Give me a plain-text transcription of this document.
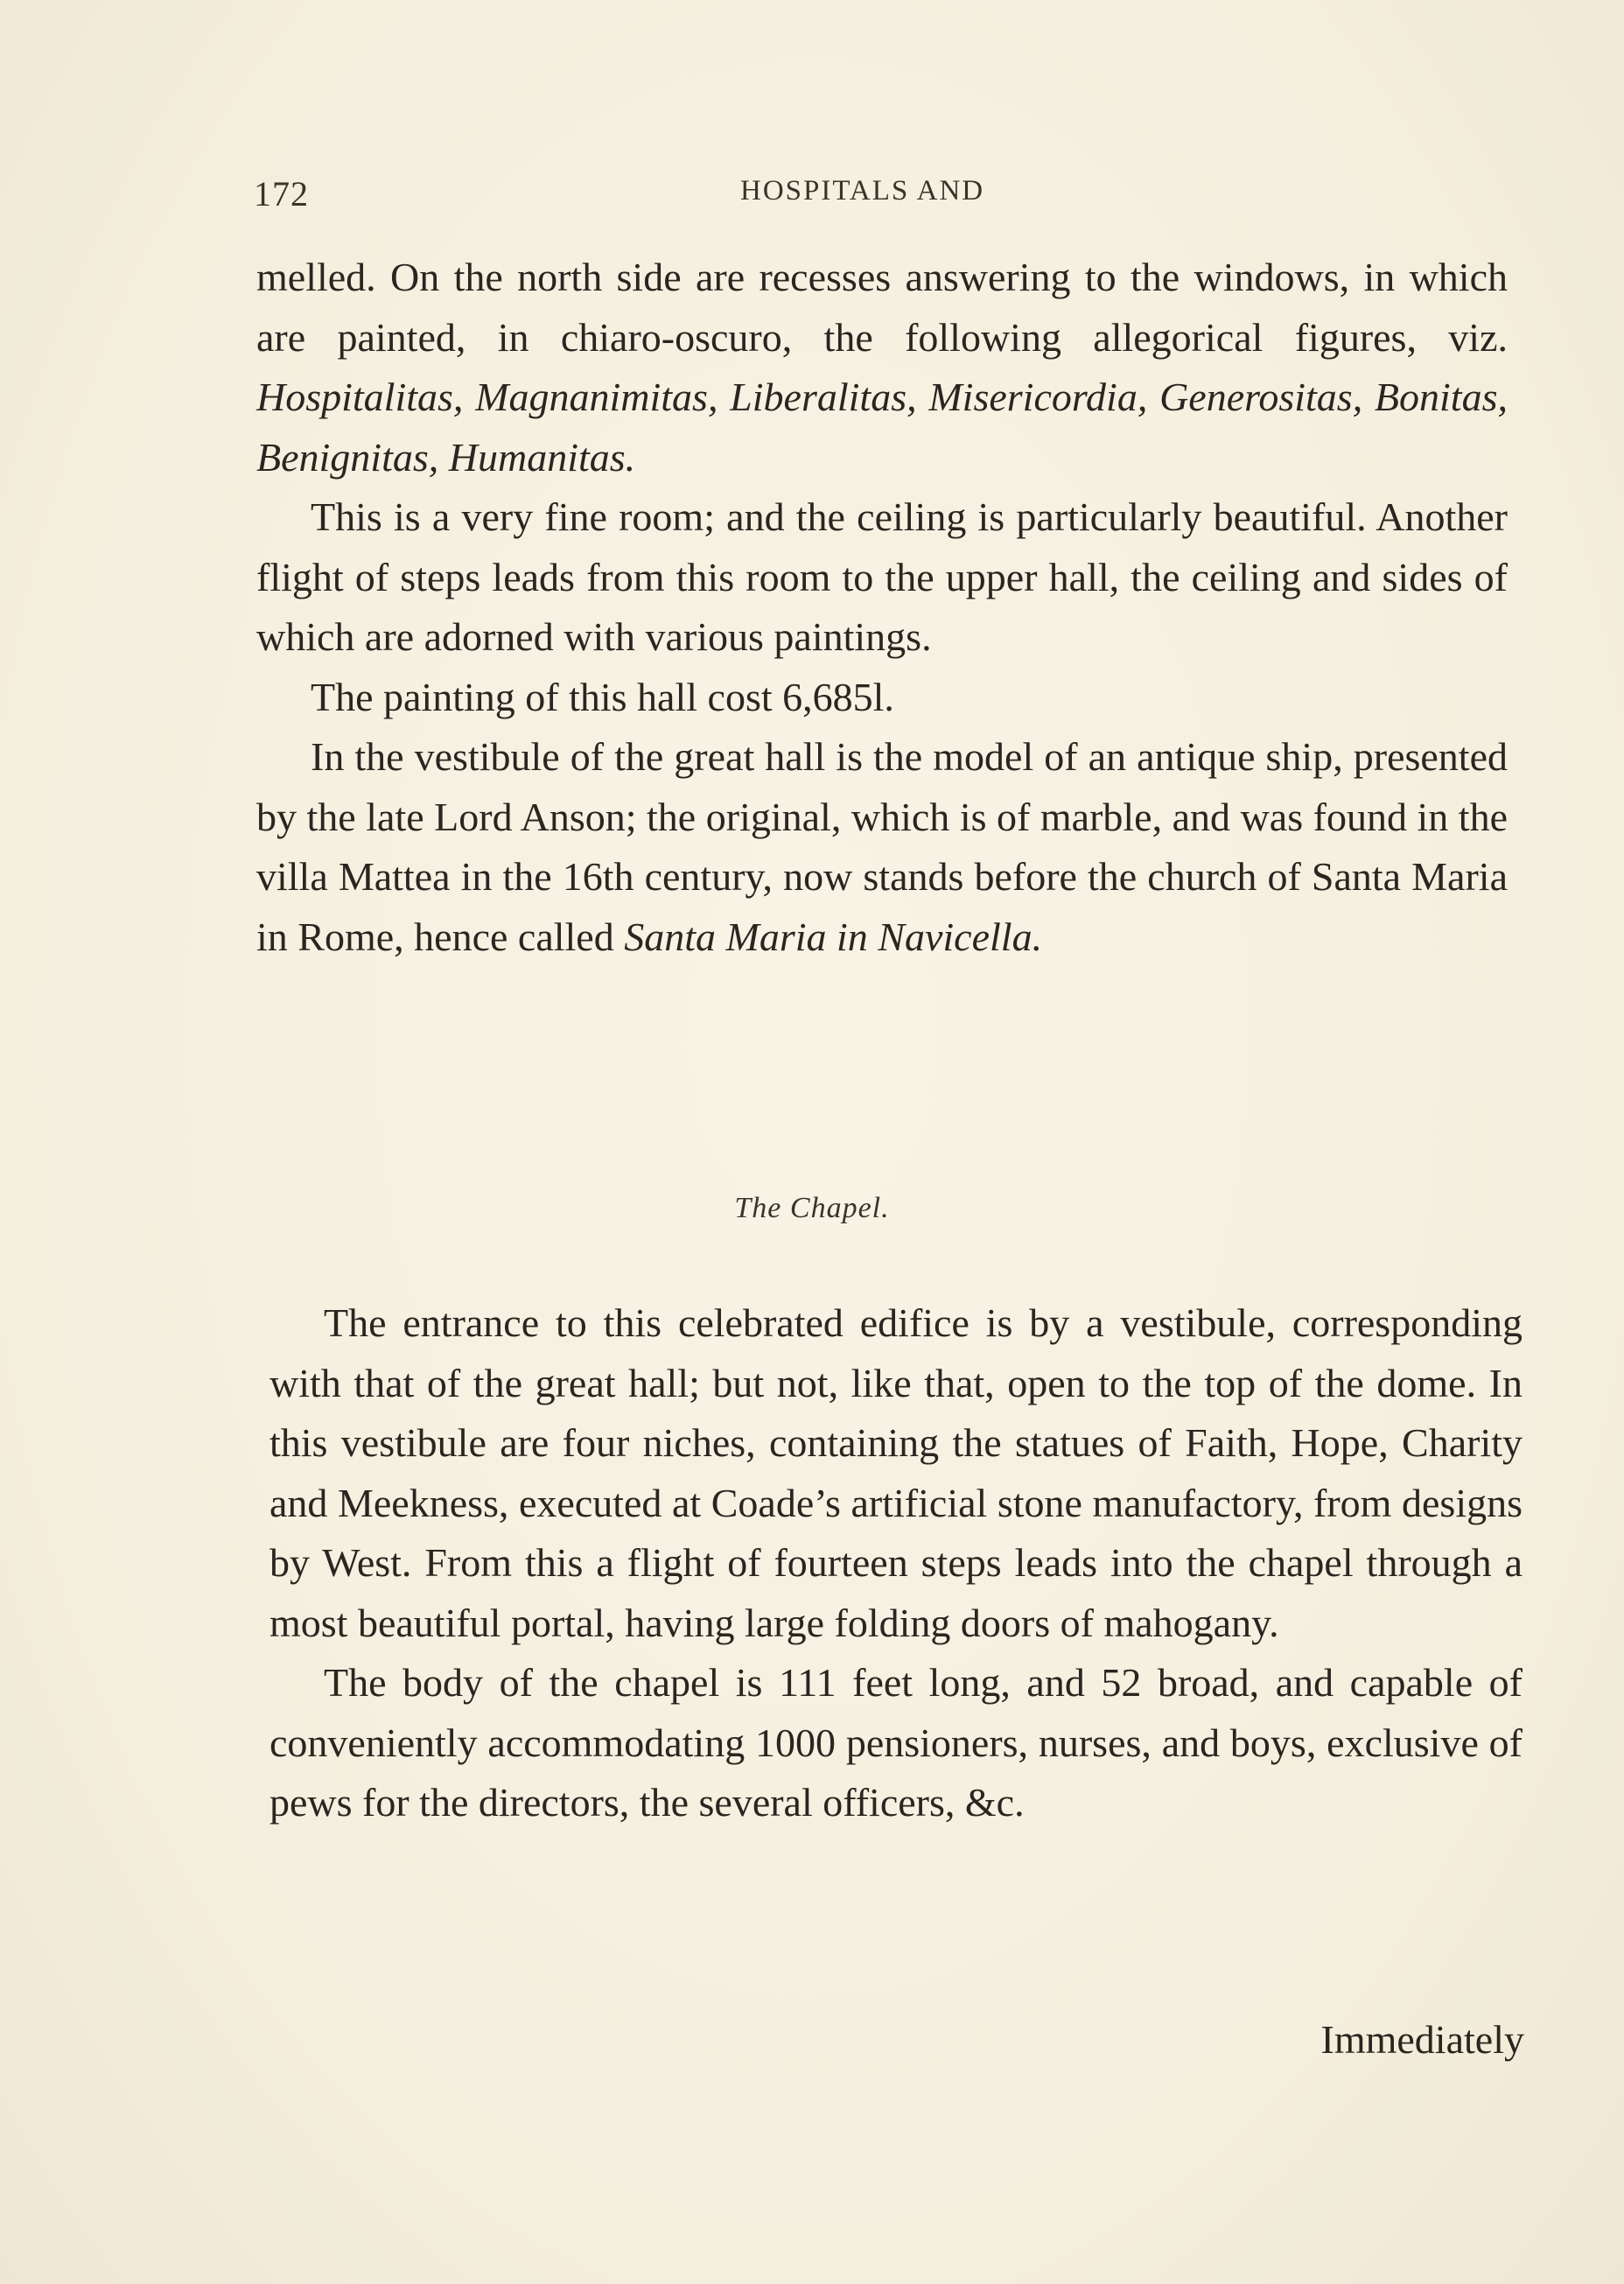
172	HOSPITALS AND

melled. On the north side are recesses answering to the windows, in which are painted, in chiaro-oscuro, the following allegorical figures, viz. Hospitalitas, Magnanimitas, Liberalitas, Misericordia, Generositas, Bonitas, Benignitas, Humanitas.

This is a very fine room; and the ceiling is particularly beautiful. Another flight of steps leads from this room to the upper hall, the ceiling and sides of which are adorned with various paintings.

The painting of this hall cost 6,685l.

In the vestibule of the great hall is the model of an antique ship, presented by the late Lord Anson; the original, which is of marble, and was found in the villa Mattea in the 16th century, now stands before the church of Santa Maria in Rome, hence called Santa Maria in Navicella.

The Chapel.

The entrance to this celebrated edifice is by a vestibule, corresponding with that of the great hall; but not, like that, open to the top of the dome. In this vestibule are four niches, containing the statues of Faith, Hope, Charity and Meekness, executed at Coade’s artificial stone manufactory, from designs by West. From this a flight of fourteen steps leads into the chapel through a most beautiful portal, having large folding doors of mahogany.

The body of the chapel is 111 feet long, and 52 broad, and capable of conveniently accommodating 1000 pensioners, nurses, and boys, exclusive of pews for the directors, the several officers, &c.

Immediately
